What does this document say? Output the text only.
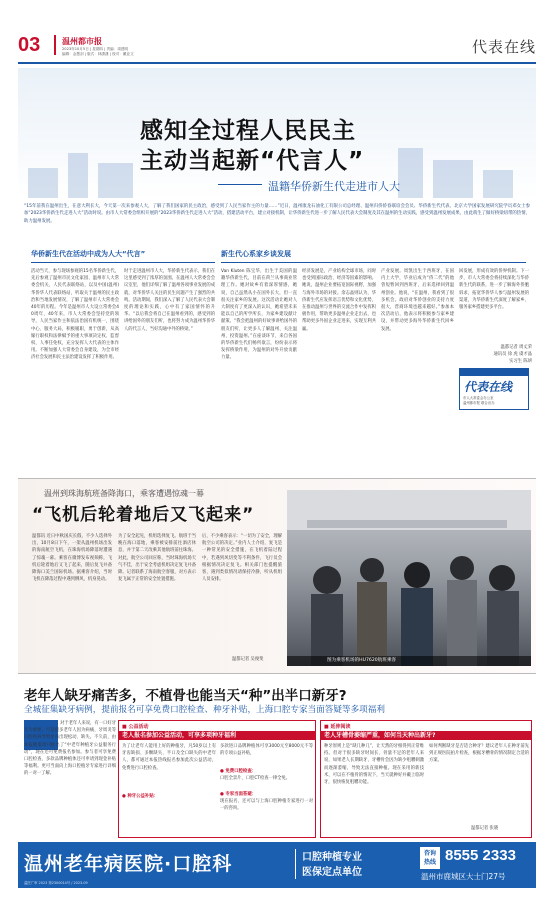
03	温州都市报
2023年10月5日 | 星期四 | 责编：周建明
编辑：金慧剑 | 版式：林潇潇 | 校对：戴亚文	代表在线
感知全过程人民民主
主动当起新“代言人”
温籍华侨新生代走进市人大
“15年前我在温州出生，在意大利长大，今天第一次来参观人大，了解了我们国家的民主政治，感受到了人民当家作主的力量……”近日，温州康龙石油化工有限公司总经理、温州归侨侨眷联谊会会员、华侨新生代代表、北京大学国家发展研究院学员邓女士参加“2023华侨新生代走进人大”活动时说。由市人大常委会组织开展的“2023华侨新生代走进人大”活动，搭建活动平台，建立对接机制，让华侨新生代进一步了解人民代表大会制度及其在温州的生动实践，感受到温州发展成果，由此萌生了做好桥梁纽带的热情，助力温州发展。
华侨新生代在活动中成为人大“代言”	新生代心系家乡谈发展
活动当天，参与现场参观的15名华侨新生代，先后参观了温州市民文化家园、温州市人大常委会机关、人民代表联络站，以及中国(温州)华侨华人代表联络站，听取关于温州的民主政治和当地发展情况，了解了温州市人大常委会40年的历程。今年是温州市人大设立常委会40周年，40年来，市人大常委会坚持党的领导，人民当家作主和依法治国有机统一，围绕中心、服务大局，积极履职，勇于创新，从高嫁行职权和法律赋予的重大事项决定权、监督权、人事任免权，充分发挥人大代表的主体作用。不断加强人大常委会自身建设，为全市经济社会发展和民主法治建设发挥了积极作用。
时于走进温州市人大，华侨新生代表示，我们在这里感受到了浓厚的氛围。在温州人大常委会会议室里，他们详细了解了温州各项事业发展的成就，对华侨华人关注的民生问题产生了强烈的共鸣。活动期间，我们深入了解了人民代表大会制度的理论和实践，心中有了家国情怀的升华。“以后我会将自己在温州看到的，感受到的讲给国外的朋友们听，也将努力成为温州华侨华人的代言人，当好沟通中外的桥梁。”
Van Kluten 陈宝华，出生于美国的温籍华侨新生代，目前在荷兰从事商业管理工作。她对故乡有着深厚情感，她说，自己虽然从小在国外长大，但一直很关注家乡的发展。这次活动让她对人大制度有了更深入的认识，她希望未来能以自己的所学所长，为家乡建设献计献策。“我会把温州的好故事讲给国外的朋友们听，让更多人了解温州、关注温州、投资温州。”在座谈环节，来自各国的华侨新生代们畅所欲言，纷纷表示将发挥桥梁作用，为温州的对外开放贡献力量。
经济发展是，产业结构全球市场，同时也受到国际政治、经济等因素的影响。她说，温州企业要拓宽国际视野，加强与海外市场的对接。余志晶则认为，华侨新生代应发挥语言优势和文化优势，在推动温州与世界的交流合作中发挥积极作用，帮助更多温州企业走出去，也帮助更多外国企业走进来，实现互利共赢。
产业发展。周凯出生于西班牙，在国内上大学，毕业后成为“侨二代”的他曾短暂回到西班牙，后来选择回到温州创业。他说，“在温州，我看到了很多机会。政府对华侨创业的支持力度很大，营商环境也越来越好。”参加本次活动后，他表示将积极参与家乡建设，并带动更多海外华侨新生代回乡发展。
回发展，形成有效的侨界机制。下一步，市人大常委会将持续深化与华侨新生代的联系，进一步了解海外侨胞诉求，拓宽华侨华人参与温州发展的渠道，为华侨新生代深度了解家乡、服务家乡搭建更多平台。
温都记者 周丈荣
通讯员 徐 虎 虞才晶
实习生 陈妍
代表在线
市人大常委会办公室
温州都市报 联合出办
温州到珠海航班备降海口，乘客遭遇惊魂一幕
“飞机后轮着地后又飞起来”
温都讯 近日中秋国庆长假，不少人选择外出，10月8日下午，一架从温州机场出发的海南航空飞机，在珠海机场降落时遭遇了惊魂一幕。乘客在微博发布视频称，飞机后轮着地后又飞了起来，随后复飞并备降海口美兰国际机场。据乘客介绍，当时飞机在降落过程中遇到侧风，机身晃动。
为了安全起见，机组选择复飞。航班于当晚在海口落地，乘客被安排前往酒店休息，并于第二天改乘其他航班前往珠海。对此，航空公司回应称，当时珠海机场天气不佳，出于安全考虑机组决定复飞并备降。记者联系了海南航空客服，对方表示复飞属于正常的安全处置措施。
后，不少乘客表示：“一切为了安全，理解航空公司的决定。”业内人士介绍，复飞是一种常见的安全措施，在飞机着陆过程中，若遇到风切变等不利条件，飞行员会根据情况决定复飞。相关部门也提醒旅客，遇到类似情况请保持冷静，听从机组人员安排。
温都记者 吴俊斐	图为乘客机场的HU7620航班乘客
老年人缺牙痛苦多，不植骨也能当天“种”出半口新牙?
全城征集缺牙病例，提前报名可享免费口腔检查、种牙补贴，上海口腔专家当面答疑等多项福利
对于老年人来说，有一口好牙尤为重要，可是很多老年人因为病痛、牙周炎等口腔疾病导致牙齿出现松动、缺失。不久前，由本报健康周刊推出了“中老年种植牙公益服务行动”，现在还可免费报名参加。参与者可享免费口腔检查、多款品牌种植体还可申请到现金补贴等福利。更可当面向上海口腔植牙专家进行详细的一对一了解。
■ 公益活动
老人报名参加公益活动，可享多项种牙福利
为了让老年人能用上好的种植牙，凡50岁以上有牙齿缺损、多颗缺失、半口及全口缺失的中老年人，都可通过本报热线报名参加此次公益活动，免费进行口腔检查。
● 种牙公益补贴：
多款进口品牌种植体可享3000元至8000元不等的专项公益补贴，
● 免费口腔检查：
口腔全景片、口腔CT检查一律全免。
● 专家当面答疑：
现在报名，还可以与上海口腔种植专家进行一对一的咨询。
■ 延伸阅读
老人牙槽骨萎缩严重，如何当天种出新牙?
种牙原则上是“缺几种几”，让天然的牙根得到正常维持。但对于很多缺牙时间长、骨量不足的老年人来说，如果老人长期缺牙，牙槽骨会因为缺少咀嚼刺激而逐渐萎缩，导致无法直接种植。现在采用的新技术，可以在不植骨的情况下，当天就种好并戴上临时牙，很快恢复咀嚼功能。
如何判断缺牙是否适合种牙？建议老年人在种牙前先到正规医院拍片检查，根据牙槽骨的情况制定合适的方案。
温都记者 张晓
温州老年病医院·口腔科	口腔种植专业
医保定点单位
咨询
热线 8555 2333
温州市鹿城区大士门27号
温医广审 2023 第2300014号 / 2023-09
